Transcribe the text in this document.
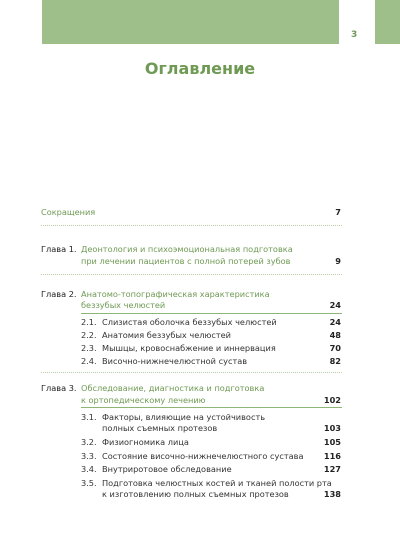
3
Оглавление
Сокращения	7
Глава 1. Деонтология и психоэмоциональная подготовка
при лечении пациентов с полной потерей зубов	9
Глава 2. Анатомо-топографическая характеристика
беззубых челюстей	24
2.1. Слизистая оболочка беззубых челюстей	24
2.2. Анатомия беззубых челюстей	48
2.3. Мышцы, кровоснабжение и иннервация	70
2.4. Височно-нижнечелюстной сустав	82
Глава 3. Обследование, диагностика и подготовка
к ортопедическому лечению	102
3.1. Факторы, влияющие на устойчивость
полных съемных протезов	103
3.2. Физиогномика лица	105
3.3. Состояние височно-нижнечелюстного сустава	116
3.4. Внутриротовое обследование	127
3.5. Подготовка челюстных костей и тканей полости рта
к изготовлению полных съемных протезов	138
